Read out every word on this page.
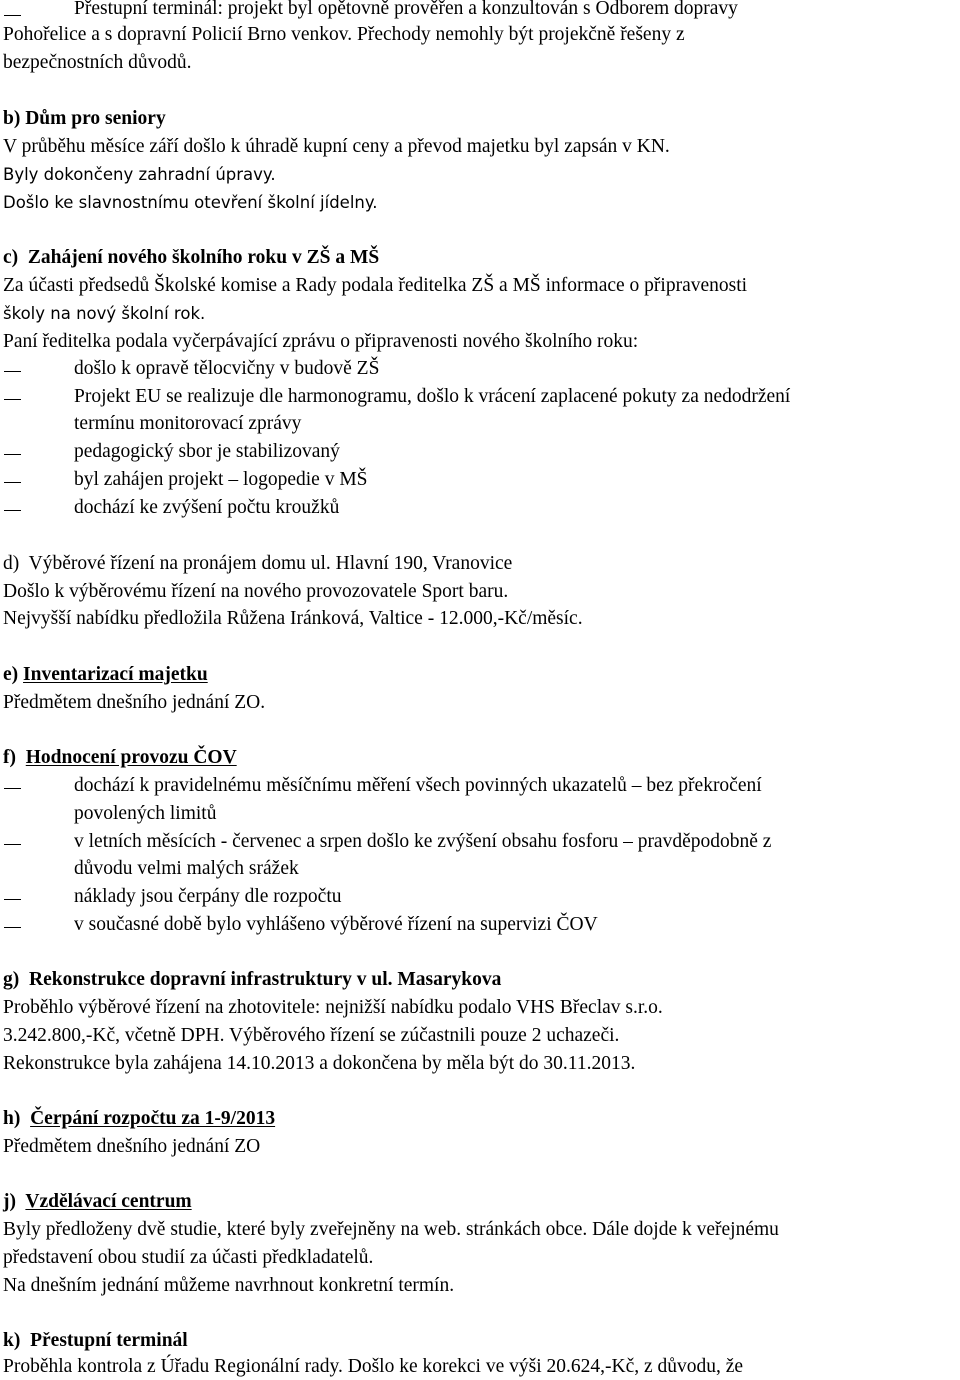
Přestupní terminál: projekt byl opětovně prověřen a konzultován s Odborem dopravy
Pohořelice a s dopravní Policií Brno venkov. Přechody nemohly být projekčně řešeny z
bezpečnostních důvodů.
b) Dům pro seniory
V průběhu měsíce září došlo k úhradě kupní ceny a převod majetku byl zapsán v KN.
Byly dokončeny zahradní úpravy.
Došlo ke slavnostnímu otevření školní jídelny.
c) Zahájení nového školního roku v ZŠ a MŠ
Za účasti předsedů Školské komise a Rady podala ředitelka ZŠ a MŠ informace o připravenosti
školy na nový školní rok.
Paní ředitelka podala vyčerpávající zprávu o připravenosti nového školního roku:
došlo k opravě tělocvičny v budově ZŠ
Projekt EU se realizuje dle harmonogramu, došlo k vrácení zaplacené pokuty za nedodržení
termínu monitorovací zprávy
pedagogický sbor je stabilizovaný
byl zahájen projekt – logopedie v MŠ
dochází ke zvýšení počtu kroužků
d) Výběrové řízení na pronájem domu ul. Hlavní 190, Vranovice
Došlo k výběrovému řízení na nového provozovatele Sport baru.
Nejvyšší nabídku předložila Růžena Iránková, Valtice - 12.000,-Kč/měsíc.
e) Inventarizací majetku
Předmětem dnešního jednání ZO.
f) Hodnocení provozu ČOV
dochází k pravidelnému měsíčnímu měření všech povinných ukazatelů – bez překročení
povolených limitů
v letních měsících - červenec a srpen došlo ke zvýšení obsahu fosforu – pravděpodobně z
důvodu velmi malých srážek
náklady jsou čerpány dle rozpočtu
v současné době bylo vyhlášeno výběrové řízení na supervizi ČOV
g) Rekonstrukce dopravní infrastruktury v ul. Masarykova
Proběhlo výběrové řízení na zhotovitele: nejnižší nabídku podalo VHS Břeclav s.r.o.
3.242.800,-Kč, včetně DPH. Výběrového řízení se zúčastnili pouze 2 uchazeči.
Rekonstrukce byla zahájena 14.10.2013 a dokončena by měla být do 30.11.2013.
h) Čerpání rozpočtu za 1-9/2013
Předmětem dnešního jednání ZO
j) Vzdělávací centrum
Byly předloženy dvě studie, které byly zveřejněny na web. stránkách obce. Dále dojde k veřejnému
představení obou studií za účasti předkladatelů.
Na dnešním jednání můžeme navrhnout konkretní termín.
k) Přestupní terminál
Proběhla kontrola z Úřadu Regionální rady. Došlo ke korekci ve výši 20.624,-Kč, z důvodu, že
